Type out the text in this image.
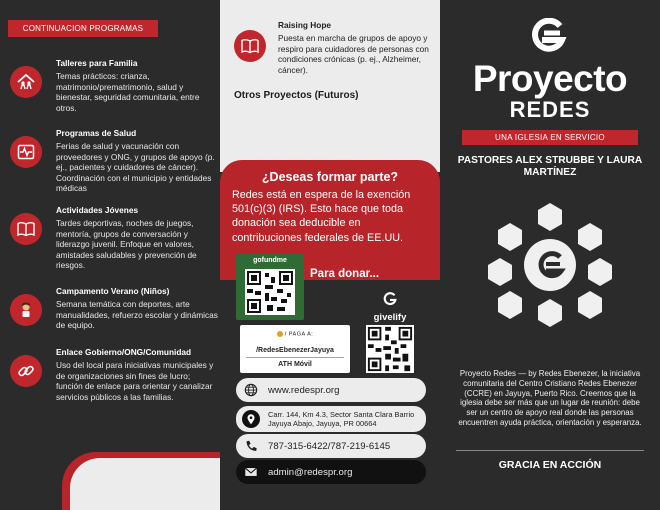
CONTINUACION PROGRAMAS
Talleres para Familia

Temas prácticos: crianza, matrimonio/prematrimonio, salud y bienestar, seguridad comunitaria, entre otros.

Programas de Salud

Ferias de salud y vacunación con proveedores y ONG, y grupos de apoyo (p. ej., pacientes y cuidadores de cáncer). Coordinación con el municipio y entidades médicas

Actividades Jóvenes

Tardes deportivas, noches de juegos, mentoría, grupos de conversación y liderazgo juvenil. Enfoque en valores, amistades saludables y prevención de riesgos.

Campamento Verano (Niños)

Semana temática con deportes, arte manualidades, refuerzo escolar y dinámicas de equipo.

Enlace Gobierno/ONG/Comunidad

Uso del local para iniciativas municipales y de organizaciones sin fines de lucro; función de enlace para orientar y canalizar servicios públicos a las familias.

Raising Hope

Puesta en marcha de grupos de apoyo y respiro para cuidadores de personas con condiciones crónicas (p. ej., Alzheimer, cáncer).

Otros Proyectos (Futuros)
¿Deseas formar parte?
Redes está en espera de la exención 501(c)(3) (IRS). Esto hace que toda donación sea deducible en contribuciones federales de EE.UU.
gofundme
Para donar...
givelify
/ PAGA A:
/RedesEbenezerJayuya
ATH Móvil
www.redespr.org
Carr. 144, Km 4.3, Sector Santa Clara Barrio Jayuya Abajo, Jayuya, PR 00664
787-315-6422/787-219-6145
admin@redespr.org
Proyecto
REDES
UNA IGLESIA EN SERVICIO
PASTORES ALEX STRUBBE Y LAURA MARTÍNEZ
Proyecto Redes — by Redes Ebenezer, la iniciativa comunitaria del Centro Cristiano Redes Ebenezer (CCRE) en Jayuya, Puerto Rico. Creemos que la iglesia debe ser más que un lugar de reunión: debe ser un centro de apoyo real donde las personas encuentren ayuda práctica, orientación y esperanza.
GRACIA EN ACCIÓN
